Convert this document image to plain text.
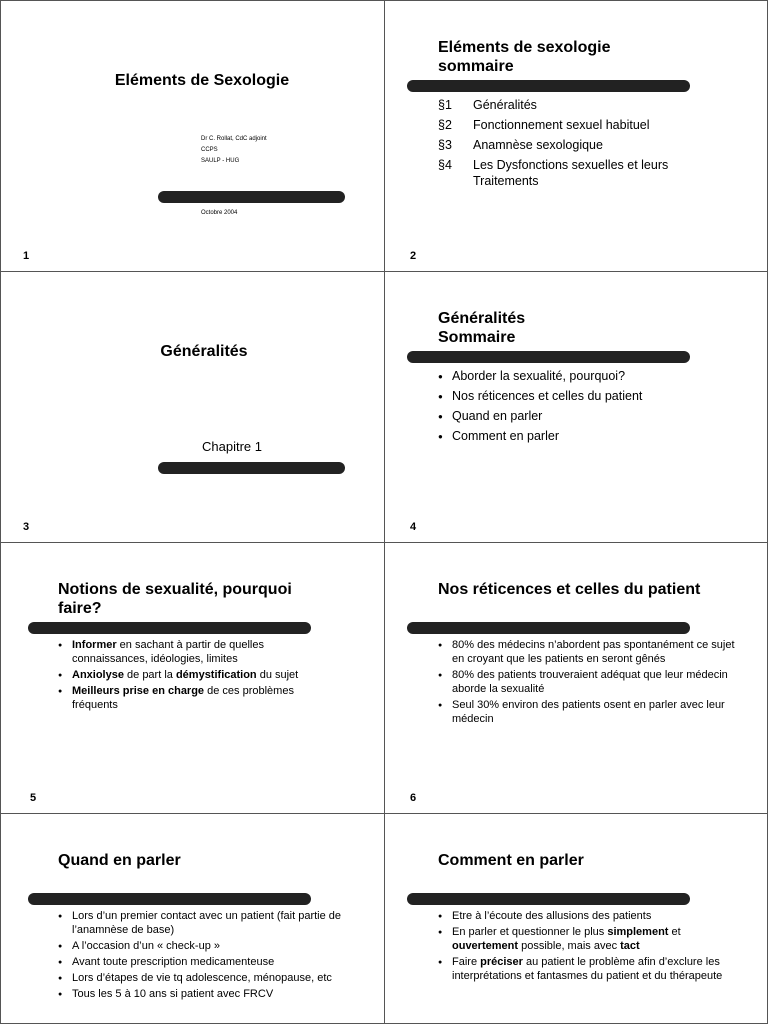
Eléments de Sexologie
Dr C. Rollat, CdC adjoint
CCPS
SAULP - HUG
Octobre 2004
1
Eléments de sexologie sommaire
§1	Généralités
§2	Fonctionnement sexuel habituel
§3	Anamnèse sexologique
§4	Les Dysfonctions sexuelles et leurs Traitements
2
Généralités
Chapitre 1
3
Généralités
Sommaire
● Aborder la sexualité, pourquoi?
● Nos réticences et celles du patient
● Quand en parler
● Comment en parler
4
Notions de sexualité, pourquoi faire?
● Informer en sachant à partir de quelles connaissances, idéologies, limites
● Anxiolyse de part la démystification du sujet
● Meilleurs prise en charge de ces problèmes fréquents
5
Nos réticences et celles du patient
● 80% des médecins n’abordent pas spontanément ce sujet en croyant que les patients en seront gênés
● 80% des patients trouveraient adéquat que leur médecin aborde la sexualité
● Seul 30% environ des patients osent en parler avec leur médecin
6
Quand en parler
● Lors d’un premier contact avec un patient (fait partie de l’anamnèse de base)
● A l’occasion d’un « check-up »
● Avant toute prescription medicamenteuse
● Lors d’étapes de vie tq adolescence, ménopause, etc
● Tous les 5 à 10 ans si patient avec FRCV
Comment en parler
● Etre à l’écoute des allusions des patients
● En parler et questionner le plus simplement et ouvertement possible, mais avec tact
● Faire préciser au patient le problème afin d’exclure les interprétations et fantasmes du patient et du thérapeute
